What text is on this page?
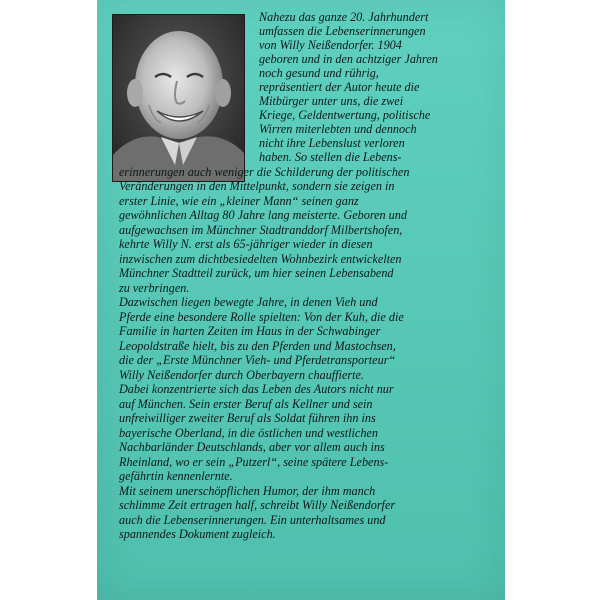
Nahezu das ganze 20. Jahrhundert
umfassen die Lebenserinnerungen
von Willy Neißendorfer. 1904
geboren und in den achtziger Jahren
noch gesund und rührig,
repräsentiert der Autor heute die
Mitbürger unter uns, die zwei
Kriege, Geldentwertung, politische
Wirren miterlebten und dennoch
nicht ihre Lebenslust verloren
haben. So stellen die Lebens-
erinnerungen auch weniger die Schilderung der politischen
Veränderungen in den Mittelpunkt, sondern sie zeigen in
erster Linie, wie ein „kleiner Mann“ seinen ganz
gewöhnlichen Alltag 80 Jahre lang meisterte. Geboren und
aufgewachsen im Münchner Stadtranddorf Milbertshofen,
kehrte Willy N. erst als 65-jähriger wieder in diesen
inzwischen zum dichtbesiedelten Wohnbezirk entwickelten
Münchner Stadtteil zurück, um hier seinen Lebensabend
zu verbringen.
Dazwischen liegen bewegte Jahre, in denen Vieh und
Pferde eine besondere Rolle spielten: Von der Kuh, die die
Familie in harten Zeiten im Haus in der Schwabinger
Leopoldstraße hielt, bis zu den Pferden und Mastochsen,
die der „Erste Münchner Vieh- und Pferdetransporteur“
Willy Neißendorfer durch Oberbayern chauffierte.
Dabei konzentrierte sich das Leben des Autors nicht nur
auf München. Sein erster Beruf als Kellner und sein
unfreiwilliger zweiter Beruf als Soldat führen ihn ins
bayerische Oberland, in die östlichen und westlichen
Nachbarländer Deutschlands, aber vor allem auch ins
Rheinland, wo er sein „Putzerl“, seine spätere Lebens-
gefährtin kennenlernte.
Mit seinem unerschöpflichen Humor, der ihm manch
schlimme Zeit ertragen half, schreibt Willy Neißendorfer
auch die Lebenserinnerungen. Ein unterhaltsames und
spannendes Dokument zugleich.
